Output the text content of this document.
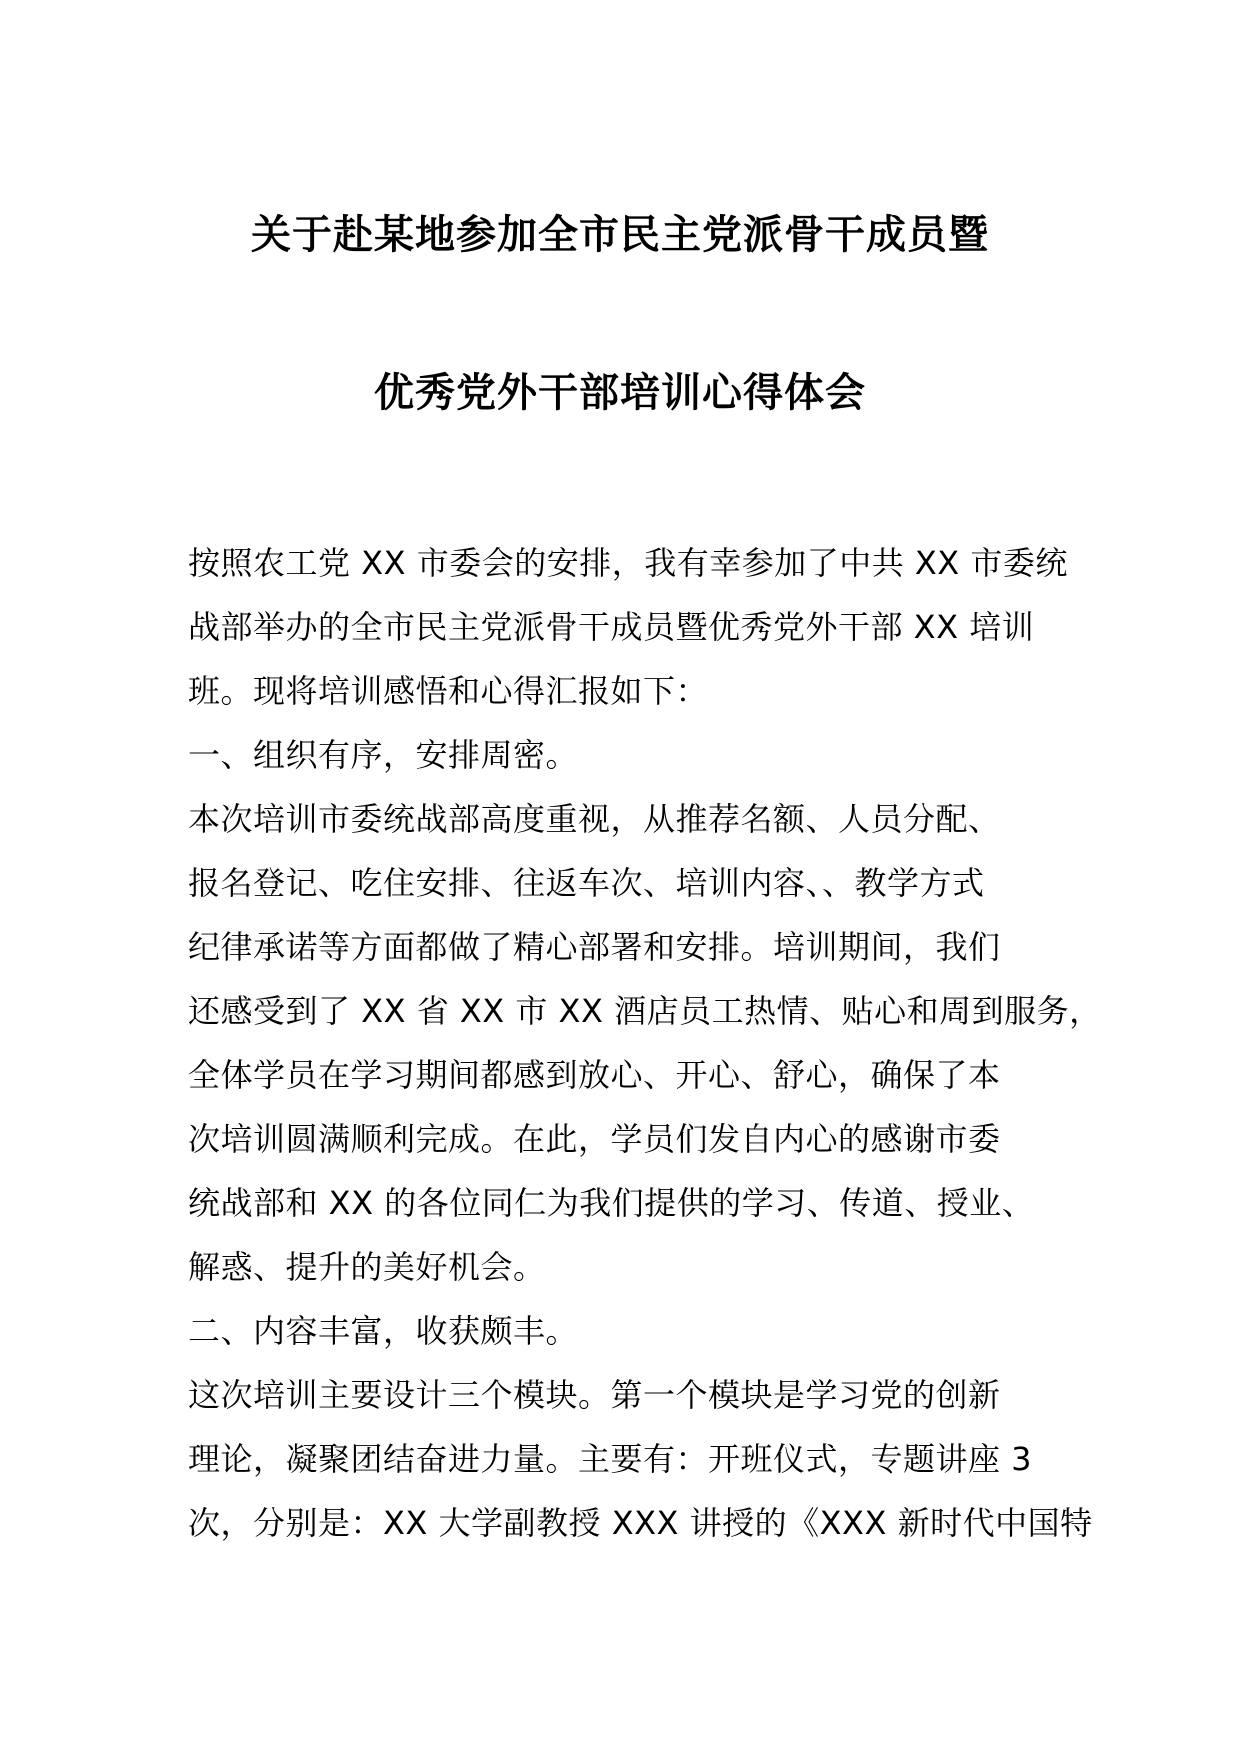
关于赴某地参加全市民主党派骨干成员暨
优秀党外干部培训心得体会
按照农工党 XX 市委会的安排，我有幸参加了中共 XX 市委统
战部举办的全市民主党派骨干成员暨优秀党外干部 XX 培训
班。现将培训感悟和心得汇报如下：
一、组织有序，安排周密。
本次培训市委统战部高度重视，从推荐名额、人员分配、
报名登记、吃住安排、往返车次、培训内容、、教学方式
纪律承诺等方面都做了精心部署和安排。培训期间，我们
还感受到了 XX 省 XX 市 XX 酒店员工热情、贴心和周到服务，
全体学员在学习期间都感到放心、开心、舒心，确保了本
次培训圆满顺利完成。在此，学员们发自内心的感谢市委
统战部和 XX 的各位同仁为我们提供的学习、传道、授业、
解惑、提升的美好机会。
二、内容丰富，收获颇丰。
这次培训主要设计三个模块。第一个模块是学习党的创新
理论，凝聚团结奋进力量。主要有：开班仪式，专题讲座 3
次，分别是：XX 大学副教授 XXX 讲授的《XXX 新时代中国特
